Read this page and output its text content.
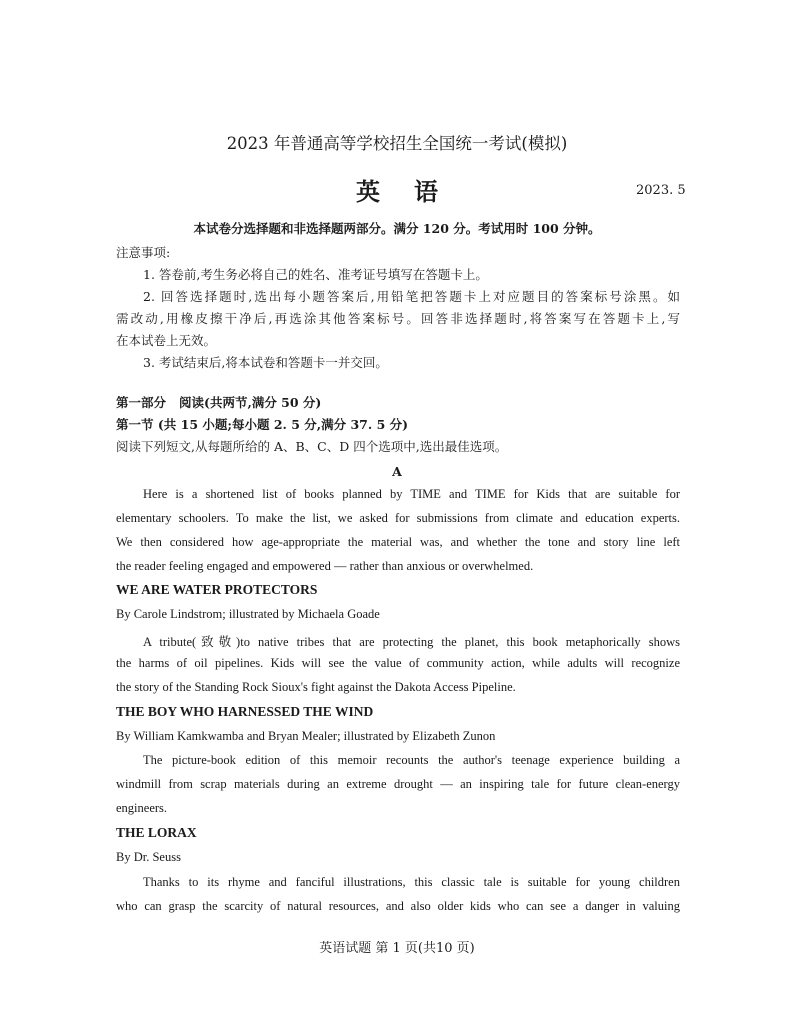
2023 年普通高等学校招生全国统一考试(模拟)
英语	2023. 5
本试卷分选择题和非选择题两部分。满分 120 分。考试用时 100 分钟。
注意事项:
1. 答卷前,考生务必将自己的姓名、准考证号填写在答题卡上。
2. 回答选择题时,选出每小题答案后,用铅笔把答题卡上对应题目的答案标号涂黑。如
需改动,用橡皮擦干净后,再选涂其他答案标号。回答非选择题时,将答案写在答题卡上,写
在本试卷上无效。
3. 考试结束后,将本试卷和答题卡一并交回。
第一部分   阅读(共两节,满分 50 分)
第一节 (共 15 小题;每小题 2. 5 分,满分 37. 5 分)
阅读下列短文,从每题所给的 A、B、C、D 四个选项中,选出最佳选项。
A
Here is a shortened list of books planned by TIME and TIME for Kids that are suitable for
elementary schoolers. To make the list, we asked for submissions from climate and education experts.
We then considered how age-appropriate the material was, and whether the tone and story line left
the reader feeling engaged and empowered — rather than anxious or overwhelmed.
WE ARE WATER PROTECTORS
By Carole Lindstrom; illustrated by Michaela Goade
A tribute(致敬)to native tribes that are protecting the planet, this book metaphorically shows
the harms of oil pipelines. Kids will see the value of community action, while adults will recognize
the story of the Standing Rock Sioux's fight against the Dakota Access Pipeline.
THE BOY WHO HARNESSED THE WIND
By William Kamkwamba and Bryan Mealer; illustrated by Elizabeth Zunon
The picture-book edition of this memoir recounts the author's teenage experience building a
windmill from scrap materials during an extreme drought — an inspiring tale for future clean-energy
engineers.
THE LORAX
By Dr. Seuss
Thanks to its rhyme and fanciful illustrations, this classic tale is suitable for young children
who can grasp the scarcity of natural resources, and also older kids who can see a danger in valuing
英语试题 第 1 页(共10 页)
